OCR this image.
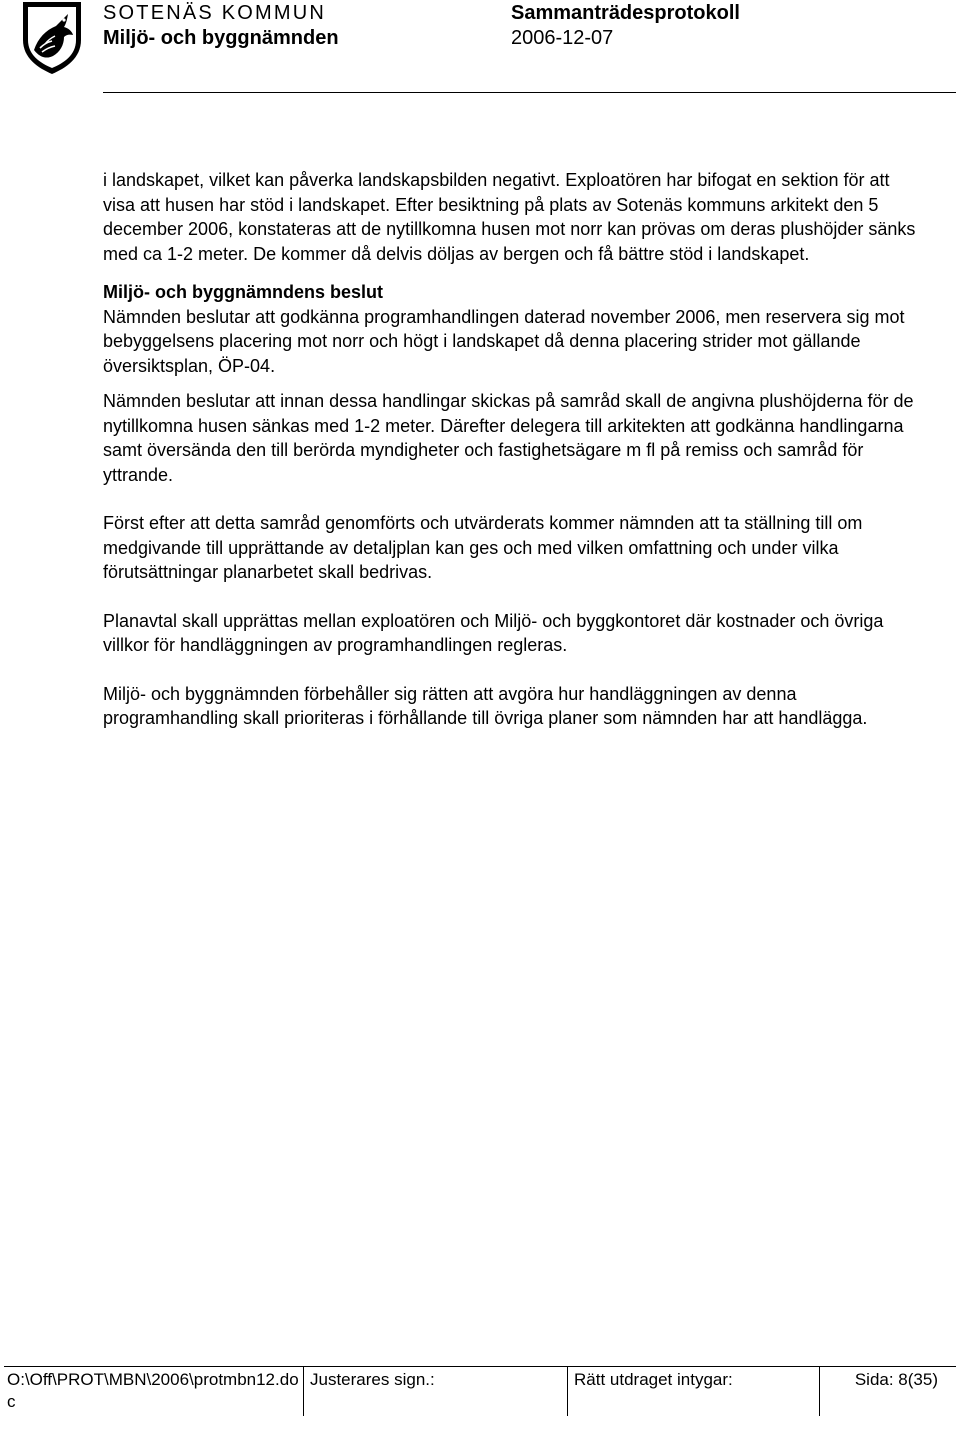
SOTENÄS KOMMUN
Miljö- och byggnämnden
Sammanträdesprotokoll
2006-12-07

i landskapet, vilket kan påverka landskapsbilden negativt. Exploatören har bifogat en sektion för att visa att husen har stöd i landskapet. Efter besiktning på plats av Sotenäs kommuns arkitekt den 5 december 2006, konstateras att de nytillkomna husen mot norr kan prövas om deras plushöjder sänks med ca 1-2 meter. De kommer då delvis döljas av bergen och få bättre stöd i landskapet.

Miljö- och byggnämndens beslut

Nämnden beslutar att godkänna programhandlingen daterad november 2006, men reservera sig mot bebyggelsens placering mot norr och högt i landskapet då denna placering strider mot gällande översiktsplan, ÖP-04.

Nämnden beslutar att innan dessa handlingar skickas på samråd skall de angivna plushöjderna för de nytillkomna husen sänkas med 1-2 meter. Därefter delegera till arkitekten att godkänna handlingarna samt översända den till berörda myndigheter och fastighetsägare m fl på remiss och samråd för yttrande.

Först efter att detta samråd genomförts och utvärderats kommer nämnden att ta ställning till om medgivande till upprättande av detaljplan kan ges och med vilken omfattning och under vilka förutsättningar planarbetet skall bedrivas.

Planavtal skall upprättas mellan exploatören och Miljö- och byggkontoret där kostnader och övriga villkor för handläggningen av programhandlingen regleras.

Miljö- och byggnämnden förbehåller sig rätten att avgöra hur handläggningen av denna programhandling skall prioriteras i förhållande till övriga planer som nämnden har att handlägga.

O:\Off\PROT\MBN\2006\protmbn12.doc
Justerares sign.:	Rätt utdraget intygar:	Sida: 8(35)
